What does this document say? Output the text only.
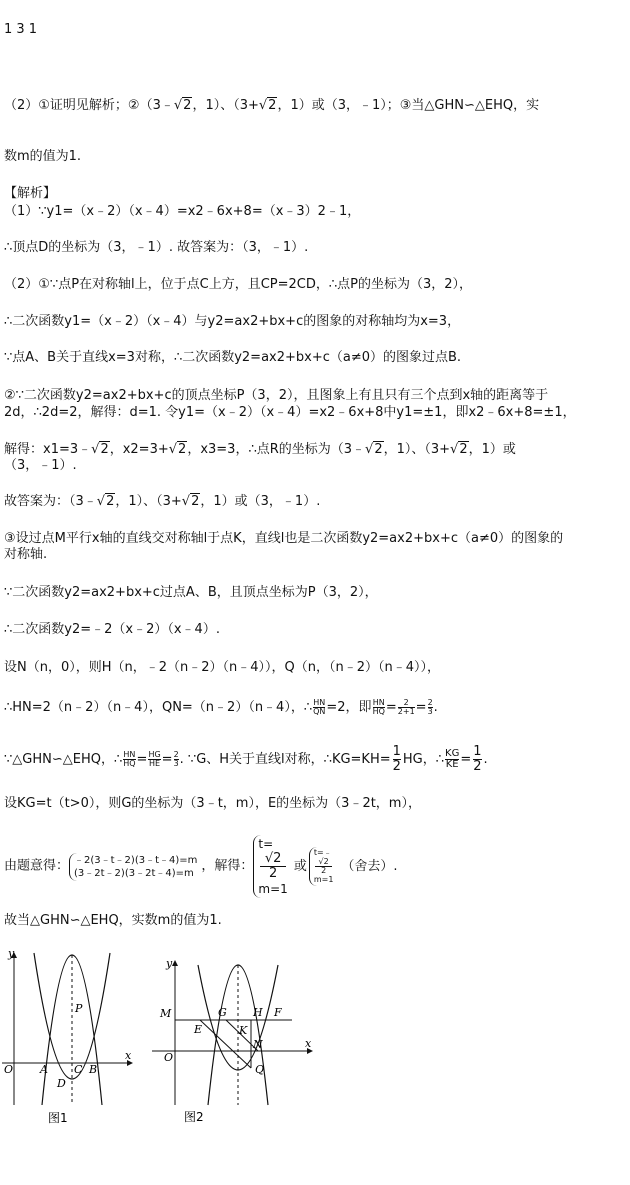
1 3 1
（2）①证明见解析；②（3﹣√2，1）、（3+√2，1）或（3，﹣1）；③当△GHN∽△EHQ，实
数m的值为1.
【解析】
（1）∵y1=（x﹣2）（x﹣4）=x2﹣6x+8=（x﹣3）2﹣1，
∴顶点D的坐标为（3，﹣1）. 故答案为：（3，﹣1）.
（2）①∵点P在对称轴l上，位于点C上方，且CP=2CD，∴点P的坐标为（3，2），
∴二次函数y1=（x﹣2）（x﹣4）与y2=ax2+bx+c的图象的对称轴均为x=3，
∵点A、B关于直线x=3对称，∴二次函数y2=ax2+bx+c（a≠0）的图象过点B.
②∵二次函数y2=ax2+bx+c的顶点坐标P（3，2），且图象上有且只有三个点到x轴的距离等于
2d，∴2d=2，解得：d=1. 令y1=（x﹣2）（x﹣4）=x2﹣6x+8中y1=±1，即x2﹣6x+8=±1，
解得：x1=3﹣√2，x2=3+√2，x3=3，∴点R的坐标为（3﹣√2，1）、（3+√2，1）或
（3，﹣1）.
故答案为：（3﹣√2，1）、（3+√2，1）或（3，﹣1）.
③设过点M平行x轴的直线交对称轴l于点K，直线l也是二次函数y2=ax2+bx+c（a≠0）的图象的
对称轴.
∵二次函数y2=ax2+bx+c过点A、B，且顶点坐标为P（3，2），
∴二次函数y2=﹣2（x﹣2）（x﹣4）.
设N（n，0），则H（n，﹣2（n﹣2）（n﹣4）），Q（n，（n﹣2）（n﹣4）），
∴HN=2（n﹣2）（n﹣4），QN=（n﹣2）（n﹣4），∴ $\frac{HN}{QN} =2$，即 $\frac{HN}{HQ} = \frac{2}{2+1} = \frac{2}{3}$ .
∵△GHN∽△EHQ，∴ $\frac{HN}{HQ} = \frac{HG}{HE} = \frac{2}{3}$ . ∵G、H关于直线l对称，∴KG=KH= $\frac{1}{2}$ HG，∴ $\frac{KG}{KE} = \frac{1}{2}$ .
设KG=t（t>0），则G的坐标为（3﹣t，m），E的坐标为（3﹣2t，m），
由题意得： ﹣2(3﹣t﹣2)(3﹣t﹣4)=m
(3﹣2t﹣2)(3﹣2t﹣4)=m ，解得：
t=
√2
2
m=1
或
t=﹣
√2
2
m=1
（舍去）.
故当△GHN∽△EHQ，实数m的值为1.
y
x
O A	B
C
D
P
图1
y
x
O
M
E
G H F
K
N
Q
图2
